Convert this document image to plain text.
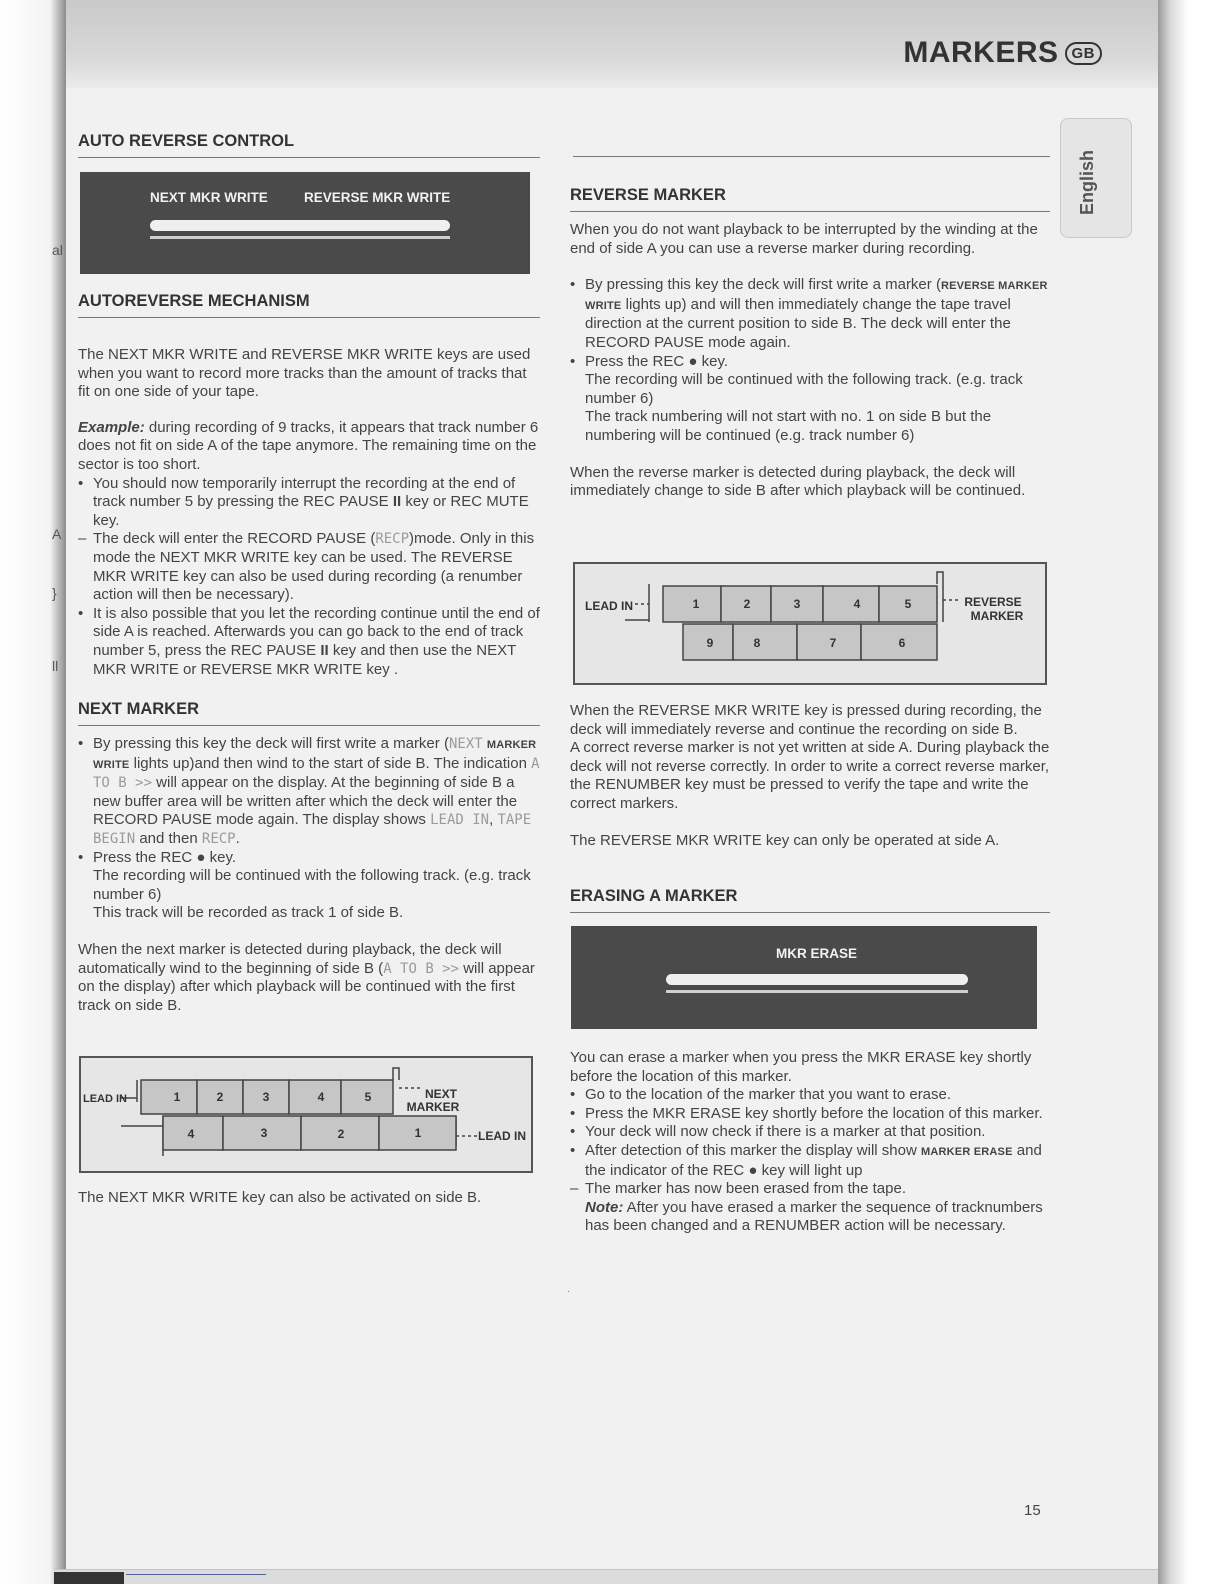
al
A
}
ll
MARKERS GB
English
AUTO REVERSE CONTROL
NEXT MKR WRITE	REVERSE MKR WRITE
AUTOREVERSE MECHANISM

The NEXT MKR WRITE and REVERSE MKR WRITE keys are used when you want to record more tracks than the amount of tracks that fit on one side of your tape.

Example: during recording of 9 tracks, it appears that track number 6 does not fit on side A of the tape anymore. The remaining time on the sector is too short.

• You should now temporarily interrupt the recording at the end of track number 5 by pressing the REC PAUSE II key or REC MUTE key.
– The deck will enter the RECORD PAUSE (RECP)mode. Only in this mode the NEXT MKR WRITE key can be used. The REVERSE MKR WRITE key can also be used during recording (a renumber action will then be necessary).
• It is also possible that you let the recording continue until the end of side A is reached. Afterwards you can go back to the end of track number 5, press the REC PAUSE II key and then use the NEXT MKR WRITE or REVERSE MKR WRITE key .
NEXT MARKER
• By pressing this key the deck will first write a marker (NEXT MARKER WRITE lights up)and then wind to the start of side B. The indication A TO B >> will appear on the display. At the beginning of side B a new buffer area will be written after which the deck will enter the RECORD PAUSE mode again. The display shows LEAD IN, TAPE BEGIN and then RECP.
• Press the REC ● key.
The recording will be continued with the following track. (e.g. track number 6)
This track will be recorded as track 1 of side B.

When the next marker is detected during playback, the deck will automatically wind to the beginning of side B (A TO B >> will appear on the display) after which playback will be continued with the first track on side B.

LEAD IN	1	2	3	4	5
4	3	2	1
NEXT
MARKER
LEAD IN

The NEXT MKR WRITE key can also be activated on side B.

REVERSE MARKER

When you do not want playback to be interrupted by the winding at the end of side A you can use a reverse marker during recording.

• By pressing this key the deck will first write a marker (REVERSE MARKER WRITE lights up) and will then immediately change the tape travel direction at the current position to side B. The deck will enter the RECORD PAUSE mode again.
• Press the REC ● key.
The recording will be continued with the following track. (e.g. track number 6)
The track numbering will not start with no. 1 on side B but the numbering will be continued (e.g. track number 6)

When the reverse marker is detected during playback, the deck will immediately change to side B after which playback will be continued.

LEAD IN	1	2	3	4	5
9	8	7	6
REVERSE
MARKER

When the REVERSE MKR WRITE key is pressed during recording, the deck will immediately reverse and continue the recording on side B.

A correct reverse marker is not yet written at side A. During playback the deck will not reverse correctly. In order to write a correct reverse marker, the RENUMBER key must be pressed to verify the tape and write the correct markers.

The REVERSE MKR WRITE key can only be operated at side A.

ERASING A MARKER
MKR ERASE

You can erase a marker when you press the MKR ERASE key shortly before the location of this marker.

• Go to the location of the marker that you want to erase.
• Press the MKR ERASE key shortly before the location of this marker.
• Your deck will now check if there is a marker at that position.
• After detection of this marker the display will show MARKER ERASE and the indicator of the REC ● key will light up
– The marker has now been erased from the tape.
Note: After you have erased a marker the sequence of tracknumbers has been changed and a RENUMBER action will be necessary.
.
15
